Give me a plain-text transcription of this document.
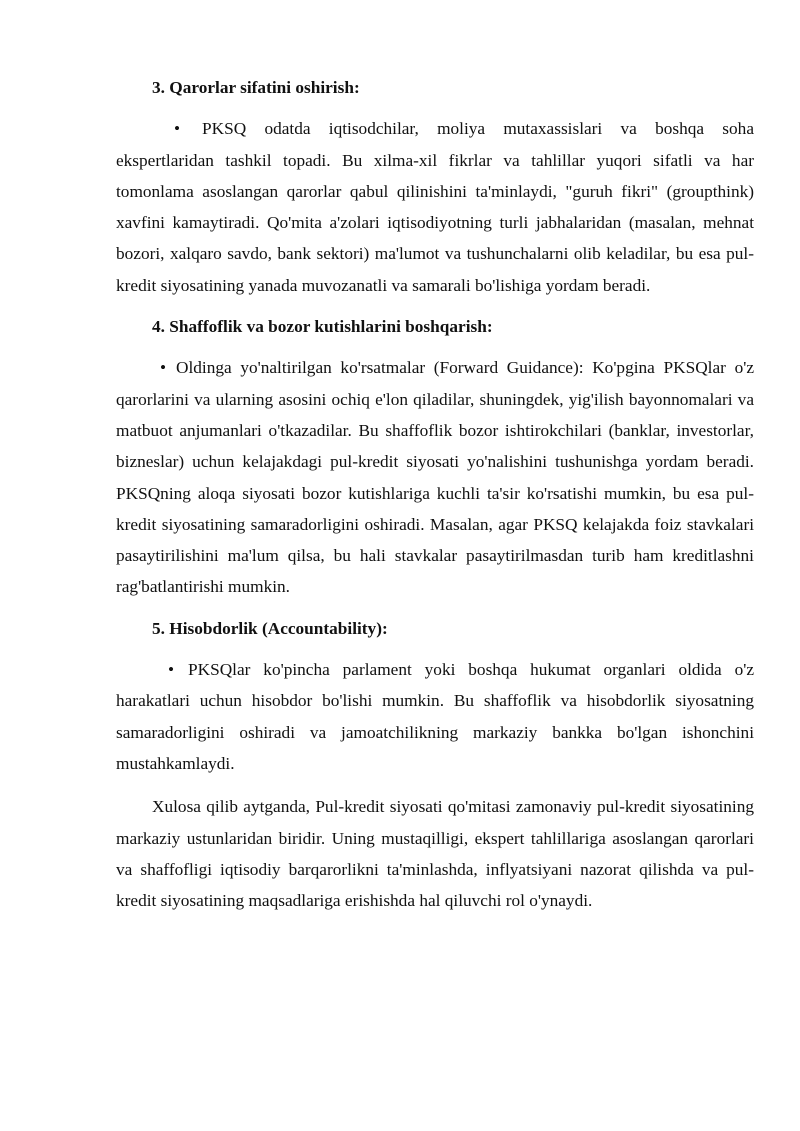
3. Qarorlar sifatini oshirish:

• PKSQ odatda iqtisodchilar, moliya mutaxassislari va boshqa soha ekspertlaridan tashkil topadi. Bu xilma-xil fikrlar va tahlillar yuqori sifatli va har tomonlama asoslangan qarorlar qabul qilinishini ta'minlaydi, "guruh fikri" (groupthink) xavfini kamaytiradi. Qo'mita a'zolari iqtisodiyotning turli jabhalaridan (masalan, mehnat bozori, xalqaro savdo, bank sektori) ma'lumot va tushunchalarni olib keladilar, bu esa pul-kredit siyosatining yanada muvozanatli va samarali bo'lishiga yordam beradi.

4. Shaffoflik va bozor kutishlarini boshqarish:

• Oldinga yo'naltirilgan ko'rsatmalar (Forward Guidance): Ko'pgina PKSQlar o'z qarorlarini va ularning asosini ochiq e'lon qiladilar, shuningdek, yig'ilish bayonnomalari va matbuot anjumanlari o'tkazadilar. Bu shaffoflik bozor ishtirokchilari (banklar, investorlar, bizneslar) uchun kelajakdagi pul-kredit siyosati yo'nalishini tushunishga yordam beradi. PKSQning aloqa siyosati bozor kutishlariga kuchli ta'sir ko'rsatishi mumkin, bu esa pul-kredit siyosatining samaradorligini oshiradi. Masalan, agar PKSQ kelajakda foiz stavkalari pasaytirilishini ma'lum qilsa, bu hali stavkalar pasaytirilmasdan turib ham kreditlashni rag'batlantirishi mumkin.

5. Hisobdorlik (Accountability):

• PKSQlar ko'pincha parlament yoki boshqa hukumat organlari oldida o'z harakatlari uchun hisobdor bo'lishi mumkin. Bu shaffoflik va hisobdorlik siyosatning samaradorligini oshiradi va jamoatchilikning markaziy bankka bo'lgan ishonchini mustahkamlaydi.

Xulosa qilib aytganda, Pul-kredit siyosati qo'mitasi zamonaviy pul-kredit siyosatining markaziy ustunlaridan biridir. Uning mustaqilligi, ekspert tahlillariga asoslangan qarorlari va shaffofligi iqtisodiy barqarorlikni ta'minlashda, inflyatsiyani nazorat qilishda va pul-kredit siyosatining maqsadlariga erishishda hal qiluvchi rol o'ynaydi.
